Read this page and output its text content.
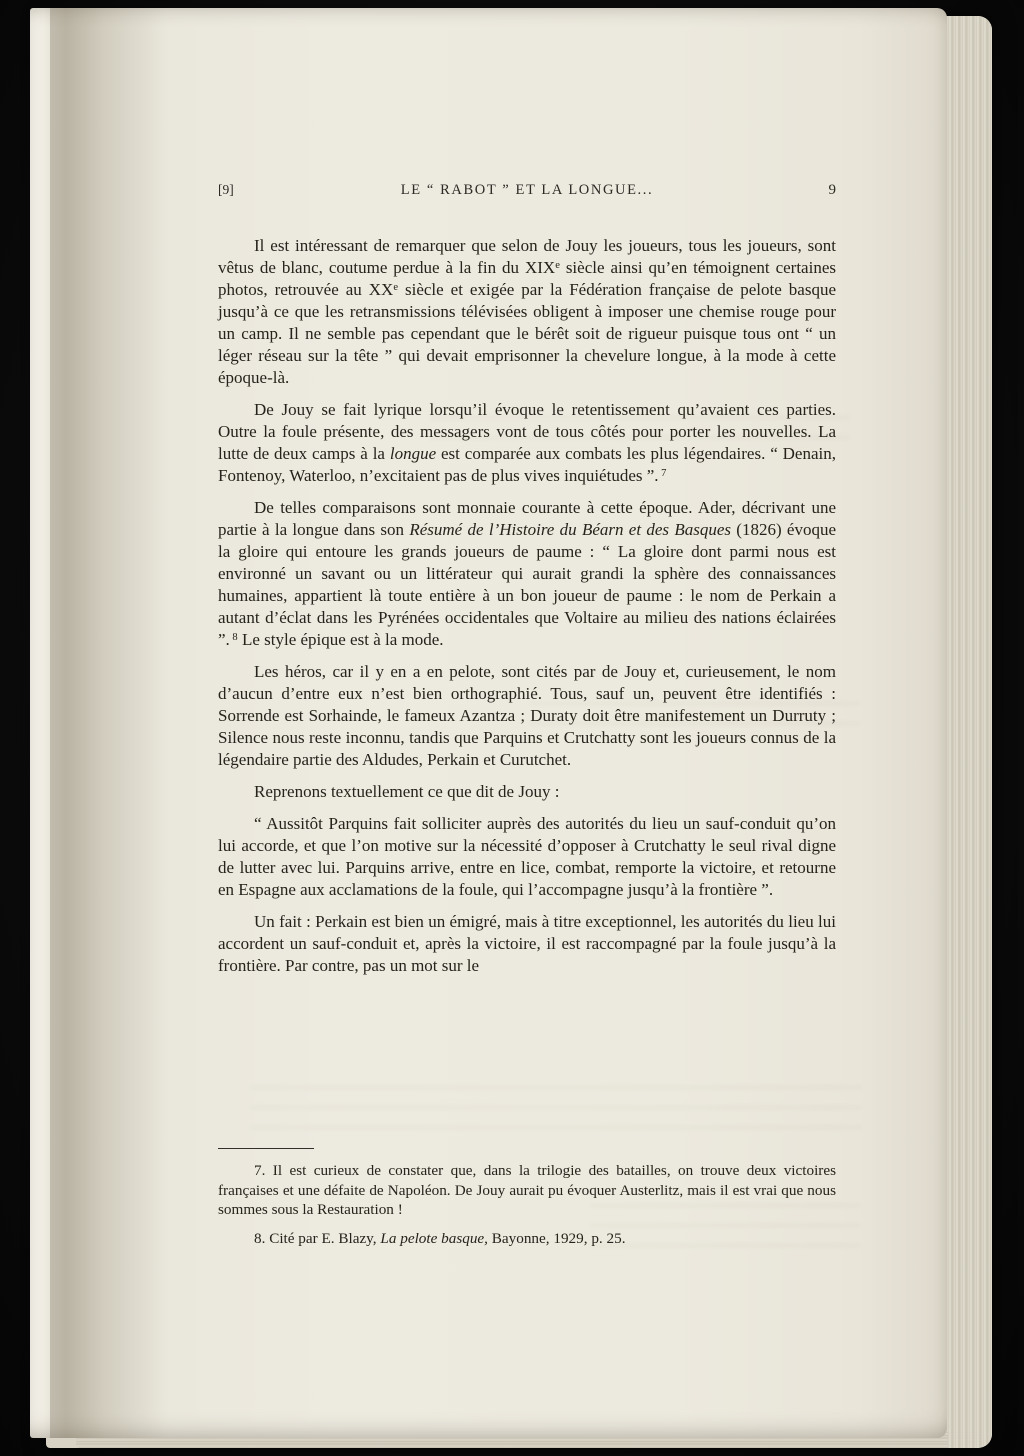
[9]	LE “ RABOT ” ET LA LONGUE...	9

Il est intéressant de remarquer que selon de Jouy les joueurs, tous les joueurs, sont vêtus de blanc, coutume perdue à la fin du XIXe siècle ainsi qu’en témoignent certaines photos, retrouvée au XXe siècle et exigée par la Fédération française de pelote basque jusqu’à ce que les retransmissions télévisées obligent à imposer une chemise rouge pour un camp. Il ne semble pas cependant que le bérêt soit de rigueur puisque tous ont “ un léger réseau sur la tête ” qui devait emprisonner la chevelure longue, à la mode à cette époque-là.

De Jouy se fait lyrique lorsqu’il évoque le retentissement qu’avaient ces parties. Outre la foule présente, des messagers vont de tous côtés pour porter les nouvelles. La lutte de deux camps à la longue est comparée aux combats les plus légendaires. “ Denain, Fontenoy, Waterloo, n’excitaient pas de plus vives inquiétudes ”. $^7$

De telles comparaisons sont monnaie courante à cette époque. Ader, décrivant une partie à la longue dans son Résumé de l’Histoire du Béarn et des Basques (1826) évoque la gloire qui entoure les grands joueurs de paume : “ La gloire dont parmi nous est environné un savant ou un littérateur qui aurait grandi la sphère des connaissances humaines, appartient là toute entière à un bon joueur de paume : le nom de Perkain a autant d’éclat dans les Pyrénées occidentales que Voltaire au milieu des nations éclairées ”. $^8$ Le style épique est à la mode.

Les héros, car il y en a en pelote, sont cités par de Jouy et, curieusement, le nom d’aucun d’entre eux n’est bien orthographié. Tous, sauf un, peuvent être identifiés : Sorrende est Sorhainde, le fameux Azantza ; Duraty doit être manifestement un Durruty ; Silence nous reste inconnu, tandis que Parquins et Crutchatty sont les joueurs connus de la légendaire partie des Aldudes, Perkain et Curutchet.

Reprenons textuellement ce que dit de Jouy :

“ Aussitôt Parquins fait solliciter auprès des autorités du lieu un sauf-conduit qu’on lui accorde, et que l’on motive sur la nécessité d’opposer à Crutchatty le seul rival digne de lutter avec lui. Parquins arrive, entre en lice, combat, remporte la victoire, et retourne en Espagne aux acclamations de la foule, qui l’accompagne jusqu’à la frontière ”.

Un fait : Perkain est bien un émigré, mais à titre exceptionnel, les autorités du lieu lui accordent un sauf-conduit et, après la victoire, il est raccompagné par la foule jusqu’à la frontière. Par contre, pas un mot sur le

7. Il est curieux de constater que, dans la trilogie des batailles, on trouve deux victoires françaises et une défaite de Napoléon. De Jouy aurait pu évoquer Austerlitz, mais il est vrai que nous sommes sous la Restauration !

8. Cité par E. Blazy, La pelote basque, Bayonne, 1929, p. 25.
